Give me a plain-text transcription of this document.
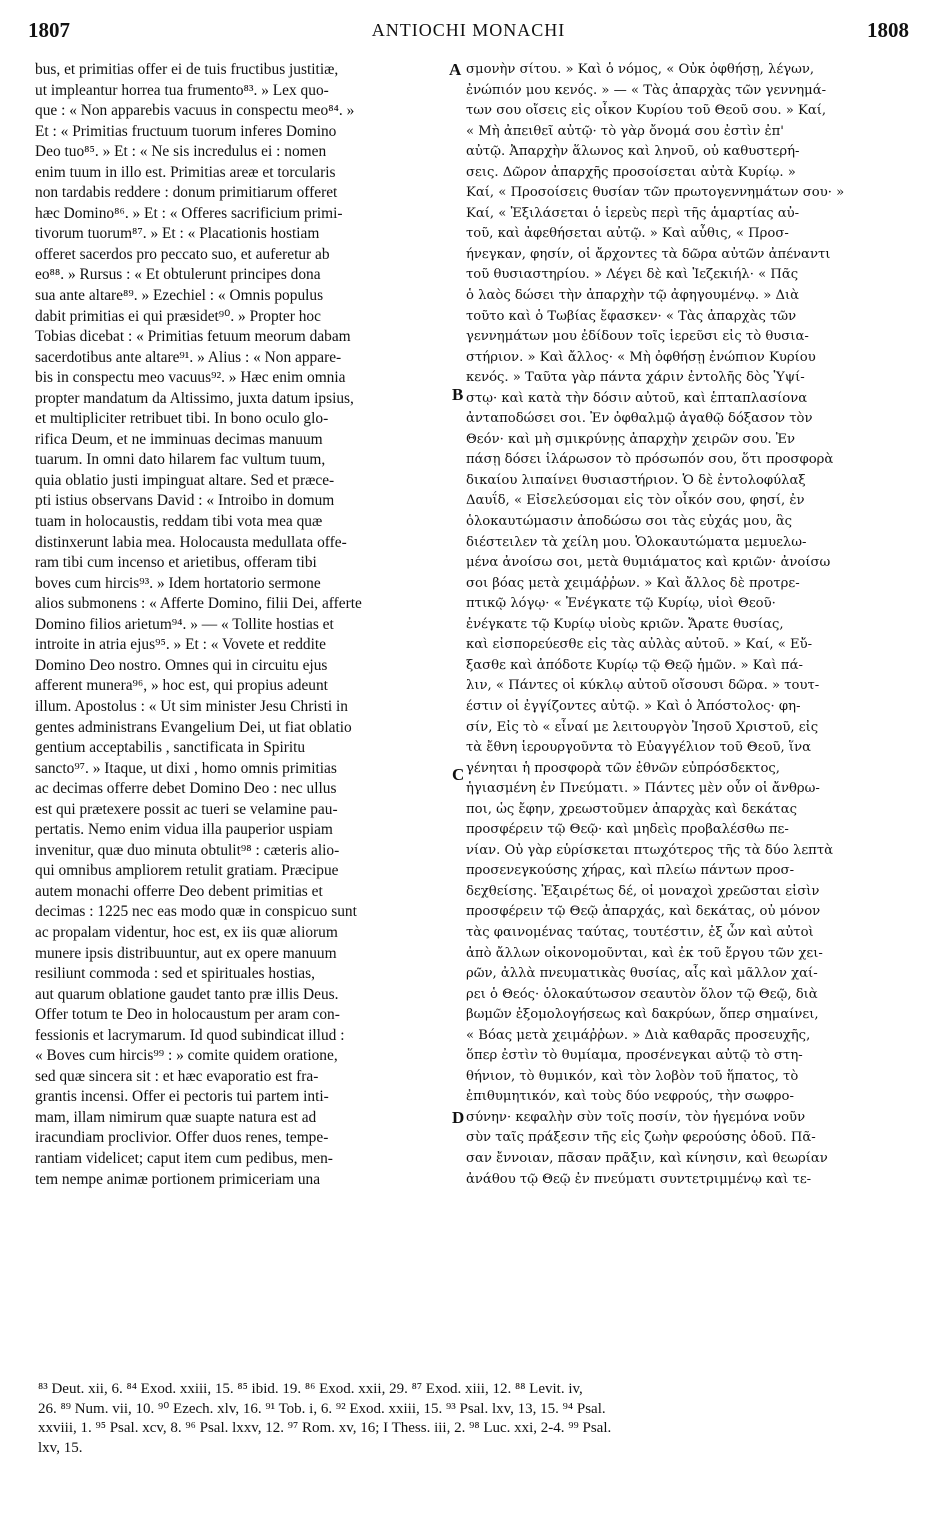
1807	ANTIOCHI MONACHI	1808
bus, et primitias offer ei de tuis fructibus justitiæ,
ut impleantur horrea tua frumento⁸³. » Lex quo-
que : « Non apparebis vacuus in conspectu meo⁸⁴. »
Et : « Primitias fructuum tuorum inferes Domino
Deo tuo⁸⁵. » Et : « Ne sis incredulus ei : nomen
enim tuum in illo est. Primitias areæ et torcularis
non tardabis reddere : donum primitiarum offeret
hæc Domino⁸⁶. » Et : « Offeres sacrificium primi-
tivorum tuorum⁸⁷. » Et : « Placationis hostiam
offeret sacerdos pro peccato suo, et auferetur ab
eo⁸⁸. » Rursus : « Et obtulerunt principes dona
sua ante altare⁸⁹. » Ezechiel : « Omnis populus
dabit primitias ei qui præsidet⁹⁰. » Propter hoc
Tobias dicebat : « Primitias fetuum meorum dabam
sacerdotibus ante altare⁹¹. » Alius : « Non appare-
bis in conspectu meo vacuus⁹². » Hæc enim omnia
propter mandatum da Altissimo, juxta datum ipsius,
et multipliciter retribuet tibi. In bono oculo glo-
rifica Deum, et ne imminuas decimas manuum
tuarum. In omni dato hilarem fac vultum tuum,
quia oblatio justi impinguat altare. Sed et præce-
pti istius observans David : « Introibo in domum
tuam in holocaustis, reddam tibi vota mea quæ
distinxerunt labia mea. Holocausta medullata offe-
ram tibi cum incenso et arietibus, offeram tibi
boves cum hircis⁹³. » Idem hortatorio sermone
alios submonens : « Afferte Domino, filii Dei, afferte
Domino filios arietum⁹⁴. » — « Tollite hostias et
introite in atria ejus⁹⁵. » Et : « Vovete et reddite
Domino Deo nostro. Omnes qui in circuitu ejus
afferent munera⁹⁶, » hoc est, qui propius adeunt
illum. Apostolus : « Ut sim minister Jesu Christi in
gentes administrans Evangelium Dei, ut fiat oblatio
gentium acceptabilis , sanctificata in Spiritu
sancto⁹⁷. » Itaque, ut dixi , homo omnis primitias
ac decimas offerre debet Domino Deo : nec ullus
est qui prætexere possit ac tueri se velamine pau-
pertatis. Nemo enim vidua illa pauperior uspiam
invenitur, quæ duo minuta obtulit⁹⁸ : cæteris alio-
qui omnibus ampliorem retulit gratiam. Præcipue
autem monachi offerre Deo debent primitias et
decimas : 1225 nec eas modo quæ in conspicuo sunt
ac propalam videntur, hoc est, ex iis quæ aliorum
munere ipsis distribuuntur, aut ex opere manuum
resiliunt commoda : sed et spirituales hostias,
aut quarum oblatione gaudet tanto præ illis Deus.
Offer totum te Deo in holocaustum per aram con-
fessionis et lacrymarum. Id quod subindicat illud :
« Boves cum hircis⁹⁹ : » comite quidem oratione,
sed quæ sincera sit : et hæc evaporatio est fra-
grantis incensi. Offer ei pectoris tui partem inti-
mam, illam nimirum quæ suapte natura est ad
iracundiam proclivior. Offer duos renes, tempe-
rantiam videlicet; caput item cum pedibus, men-
tem nempe animæ portionem primiceriam una
A
B
C
D
σμονὴν σίτου. » Καὶ ὁ νόμος, « Οὐκ ὀφθήσῃ, λέγων,
ἐνώπιόν μου κενός. » — « Τὰς ἀπαρχὰς τῶν γεννημά-
των σου οἴσεις εἰς οἶκον Κυρίου τοῦ Θεοῦ σου. » Καί,
« Μὴ ἀπειθεῖ αὐτῷ· τὸ γὰρ ὄνομά σου ἐστὶν ἐπ'
αὐτῷ. Ἀπαρχὴν ἅλωνος καὶ ληνοῦ, οὐ καθυστερή-
σεις. Δῶρον ἀπαρχῆς προσοίσεται αὐτὰ Κυρίῳ. »
Καί, « Προσοίσεις θυσίαν τῶν πρωτογεννημάτων σου· »
Καί, « Ἐξιλάσεται ὁ ἱερεὺς περὶ τῆς ἁμαρτίας αὐ-
τοῦ, καὶ ἀφεθήσεται αὐτῷ. » Καὶ αὖθις, « Προσ-
ήνεγκαν, φησίν, οἱ ἄρχοντες τὰ δῶρα αὐτῶν ἀπέναντι
τοῦ θυσιαστηρίου. » Λέγει δὲ καὶ Ἰεζεκιήλ· « Πᾶς
ὁ λαὸς δώσει τὴν ἀπαρχὴν τῷ ἀφηγουμένῳ. » Διὰ
τοῦτο καὶ ὁ Τωβίας ἔφασκεν· « Τὰς ἀπαρχὰς τῶν
γεννημάτων μου ἐδίδουν τοῖς ἱερεῦσι εἰς τὸ θυσια-
στήριον. » Καὶ ἄλλος· « Μὴ ὀφθήσῃ ἐνώπιον Κυρίου
κενός. » Ταῦτα γὰρ πάντα χάριν ἐντολῆς δὸς Ὑψί-
στῳ· καὶ κατὰ τὴν δόσιν αὐτοῦ, καὶ ἑπταπλασίονα
ἀνταποδώσει σοι. Ἐν ὀφθαλμῷ ἀγαθῷ δόξασον τὸν
Θεόν· καὶ μὴ σμικρύνῃς ἀπαρχὴν χειρῶν σου. Ἐν
πάσῃ δόσει ἱλάρωσον τὸ πρόσωπόν σου, ὅτι προσφορὰ
δικαίου λιπαίνει θυσιαστήριον. Ὁ δὲ ἐντολοφύλαξ
Δαυΐδ, « Εἰσελεύσομαι εἰς τὸν οἶκόν σου, φησί, ἐν
ὁλοκαυτώμασιν ἀποδώσω σοι τὰς εὐχάς μου, ἃς
διέστειλεν τὰ χείλη μου. Ὁλοκαυτώματα μεμυελω-
μένα ἀνοίσω σοι, μετὰ θυμιάματος καὶ κριῶν· ἀνοίσω
σοι βόας μετὰ χειμάῤῥων. » Καὶ ἄλλος δὲ προτρε-
πτικῷ λόγῳ· « Ἐνέγκατε τῷ Κυρίῳ, υἱοὶ Θεοῦ·
ἐνέγκατε τῷ Κυρίῳ υἱοὺς κριῶν. Ἄρατε θυσίας,
καὶ εἰσπορεύεσθε εἰς τὰς αὐλὰς αὐτοῦ. » Καί, « Εὔ-
ξασθε καὶ ἀπόδοτε Κυρίῳ τῷ Θεῷ ἡμῶν. » Καὶ πά-
λιν, « Πάντες οἱ κύκλῳ αὐτοῦ οἴσουσι δῶρα. » τουτ-
έστιν οἱ ἐγγίζοντες αὐτῷ. » Καὶ ὁ Ἀπόστολος· φη-
σίν, Εἰς τὸ « εἶναί με λειτουργὸν Ἰησοῦ Χριστοῦ, εἰς
τὰ ἔθνη ἱερουργοῦντα τὸ Εὐαγγέλιον τοῦ Θεοῦ, ἵνα
γένηται ἡ προσφορὰ τῶν ἐθνῶν εὐπρόσδεκτος,
ἡγιασμένη ἐν Πνεύματι. » Πάντες μὲν οὖν οἱ ἄνθρω-
ποι, ὡς ἔφην, χρεωστοῦμεν ἀπαρχὰς καὶ δεκάτας
προσφέρειν τῷ Θεῷ· καὶ μηδεὶς προβαλέσθω πε-
νίαν. Οὐ γὰρ εὑρίσκεται πτωχότερος τῆς τὰ δύο λεπτὰ
προσενεγκούσης χήρας, καὶ πλείω πάντων προσ-
δεχθείσης. Ἐξαιρέτως δέ, οἱ μοναχοὶ χρεῶσται εἰσὶν
προσφέρειν τῷ Θεῷ ἀπαρχάς, καὶ δεκάτας, οὐ μόνον
τὰς φαινομένας ταύτας, τουτέστιν, ἐξ ὧν καὶ αὐτοὶ
ἀπὸ ἄλλων οἰκονομοῦνται, καὶ ἐκ τοῦ ἔργου τῶν χει-
ρῶν, ἀλλὰ πνευματικὰς θυσίας, αἷς καὶ μᾶλλον χαί-
ρει ὁ Θεός· ὁλοκαύτωσον σεαυτὸν ὅλον τῷ Θεῷ, διὰ
βωμῶν ἐξομολογήσεως καὶ δακρύων, ὅπερ σημαίνει,
« Βόας μετὰ χειμάῤῥων. » Διὰ καθαρᾶς προσευχῆς,
ὅπερ ἐστὶν τὸ θυμίαμα, προσένεγκαι αὐτῷ τὸ στη-
θήνιον, τὸ θυμικόν, καὶ τὸν λοβὸν τοῦ ἥπατος, τὸ
ἐπιθυμητικόν, καὶ τοὺς δύο νεφρούς, τὴν σωφρο-
σύνην· κεφαλὴν σὺν τοῖς ποσίν, τὸν ἡγεμόνα νοῦν
σὺν ταῖς πράξεσιν τῆς εἰς ζωὴν φερούσης ὁδοῦ. Πᾶ-
σαν ἔννοιαν, πᾶσαν πρᾶξιν, καὶ κίνησιν, καὶ θεωρίαν
ἀνάθου τῷ Θεῷ ἐν πνεύματι συντετριμμένῳ καὶ τε-
⁸³ Deut. xii, 6. ⁸⁴ Exod. xxiii, 15. ⁸⁵ ibid. 19. ⁸⁶ Exod. xxii, 29. ⁸⁷ Exod. xiii, 12. ⁸⁸ Levit. iv,
26. ⁸⁹ Num. vii, 10. ⁹⁰ Ezech. xlv, 16. ⁹¹ Tob. i, 6. ⁹² Exod. xxiii, 15. ⁹³ Psal. lxv, 13, 15. ⁹⁴ Psal.
xxviii, 1. ⁹⁵ Psal. xcv, 8. ⁹⁶ Psal. lxxv, 12. ⁹⁷ Rom. xv, 16; I Thess. iii, 2. ⁹⁸ Luc. xxi, 2-4. ⁹⁹ Psal.
lxv, 15.
